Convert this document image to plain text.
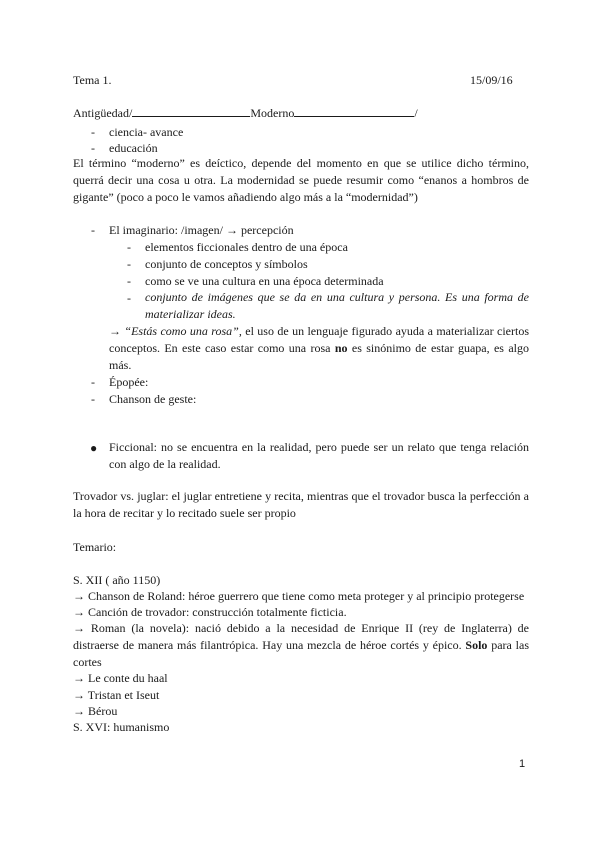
Tema 1.	15/09/16
Antigüedad/	Moderno	/
- ciencia- avance
- educación
El término “moderno” es deíctico, depende del momento en que se utilice dicho término, querrá decir una cosa u otra. La modernidad se puede resumir como “enanos a hombros de gigante” (poco a poco le vamos añadiendo algo más a la “modernidad”)
- El imaginario: /imagen/ → percepción
- elementos ficcionales dentro de una época
- conjunto de conceptos y símbolos
- como se ve una cultura en una época determinada
- conjunto de imágenes que se da en una cultura y persona. Es una forma de materializar ideas.
→ “Estás como una rosa”, el uso de un lenguaje figurado ayuda a materializar ciertos conceptos. En este caso estar como una rosa no es sinónimo de estar guapa, es algo más.
- Épopée:
- Chanson de geste:
● Ficcional: no se encuentra en la realidad, pero puede ser un relato que tenga relación con algo de la realidad.
Trovador vs. juglar: el juglar entretiene y recita, mientras que el trovador busca la perfección a la hora de recitar y lo recitado suele ser propio
Temario:
S. XII ( año 1150)
→ Chanson de Roland: héroe guerrero que tiene como meta proteger y al principio protegerse
→ Canción de trovador: construcción totalmente ficticia.
→ Roman (la novela): nació debido a la necesidad de Enrique II (rey de Inglaterra) de distraerse de manera más filantrópica. Hay una mezcla de héroe cortés y épico. Solo para las cortes
→ Le conte du haal
→ Tristan et Iseut
→ Bérou
S. XVI: humanismo
1
